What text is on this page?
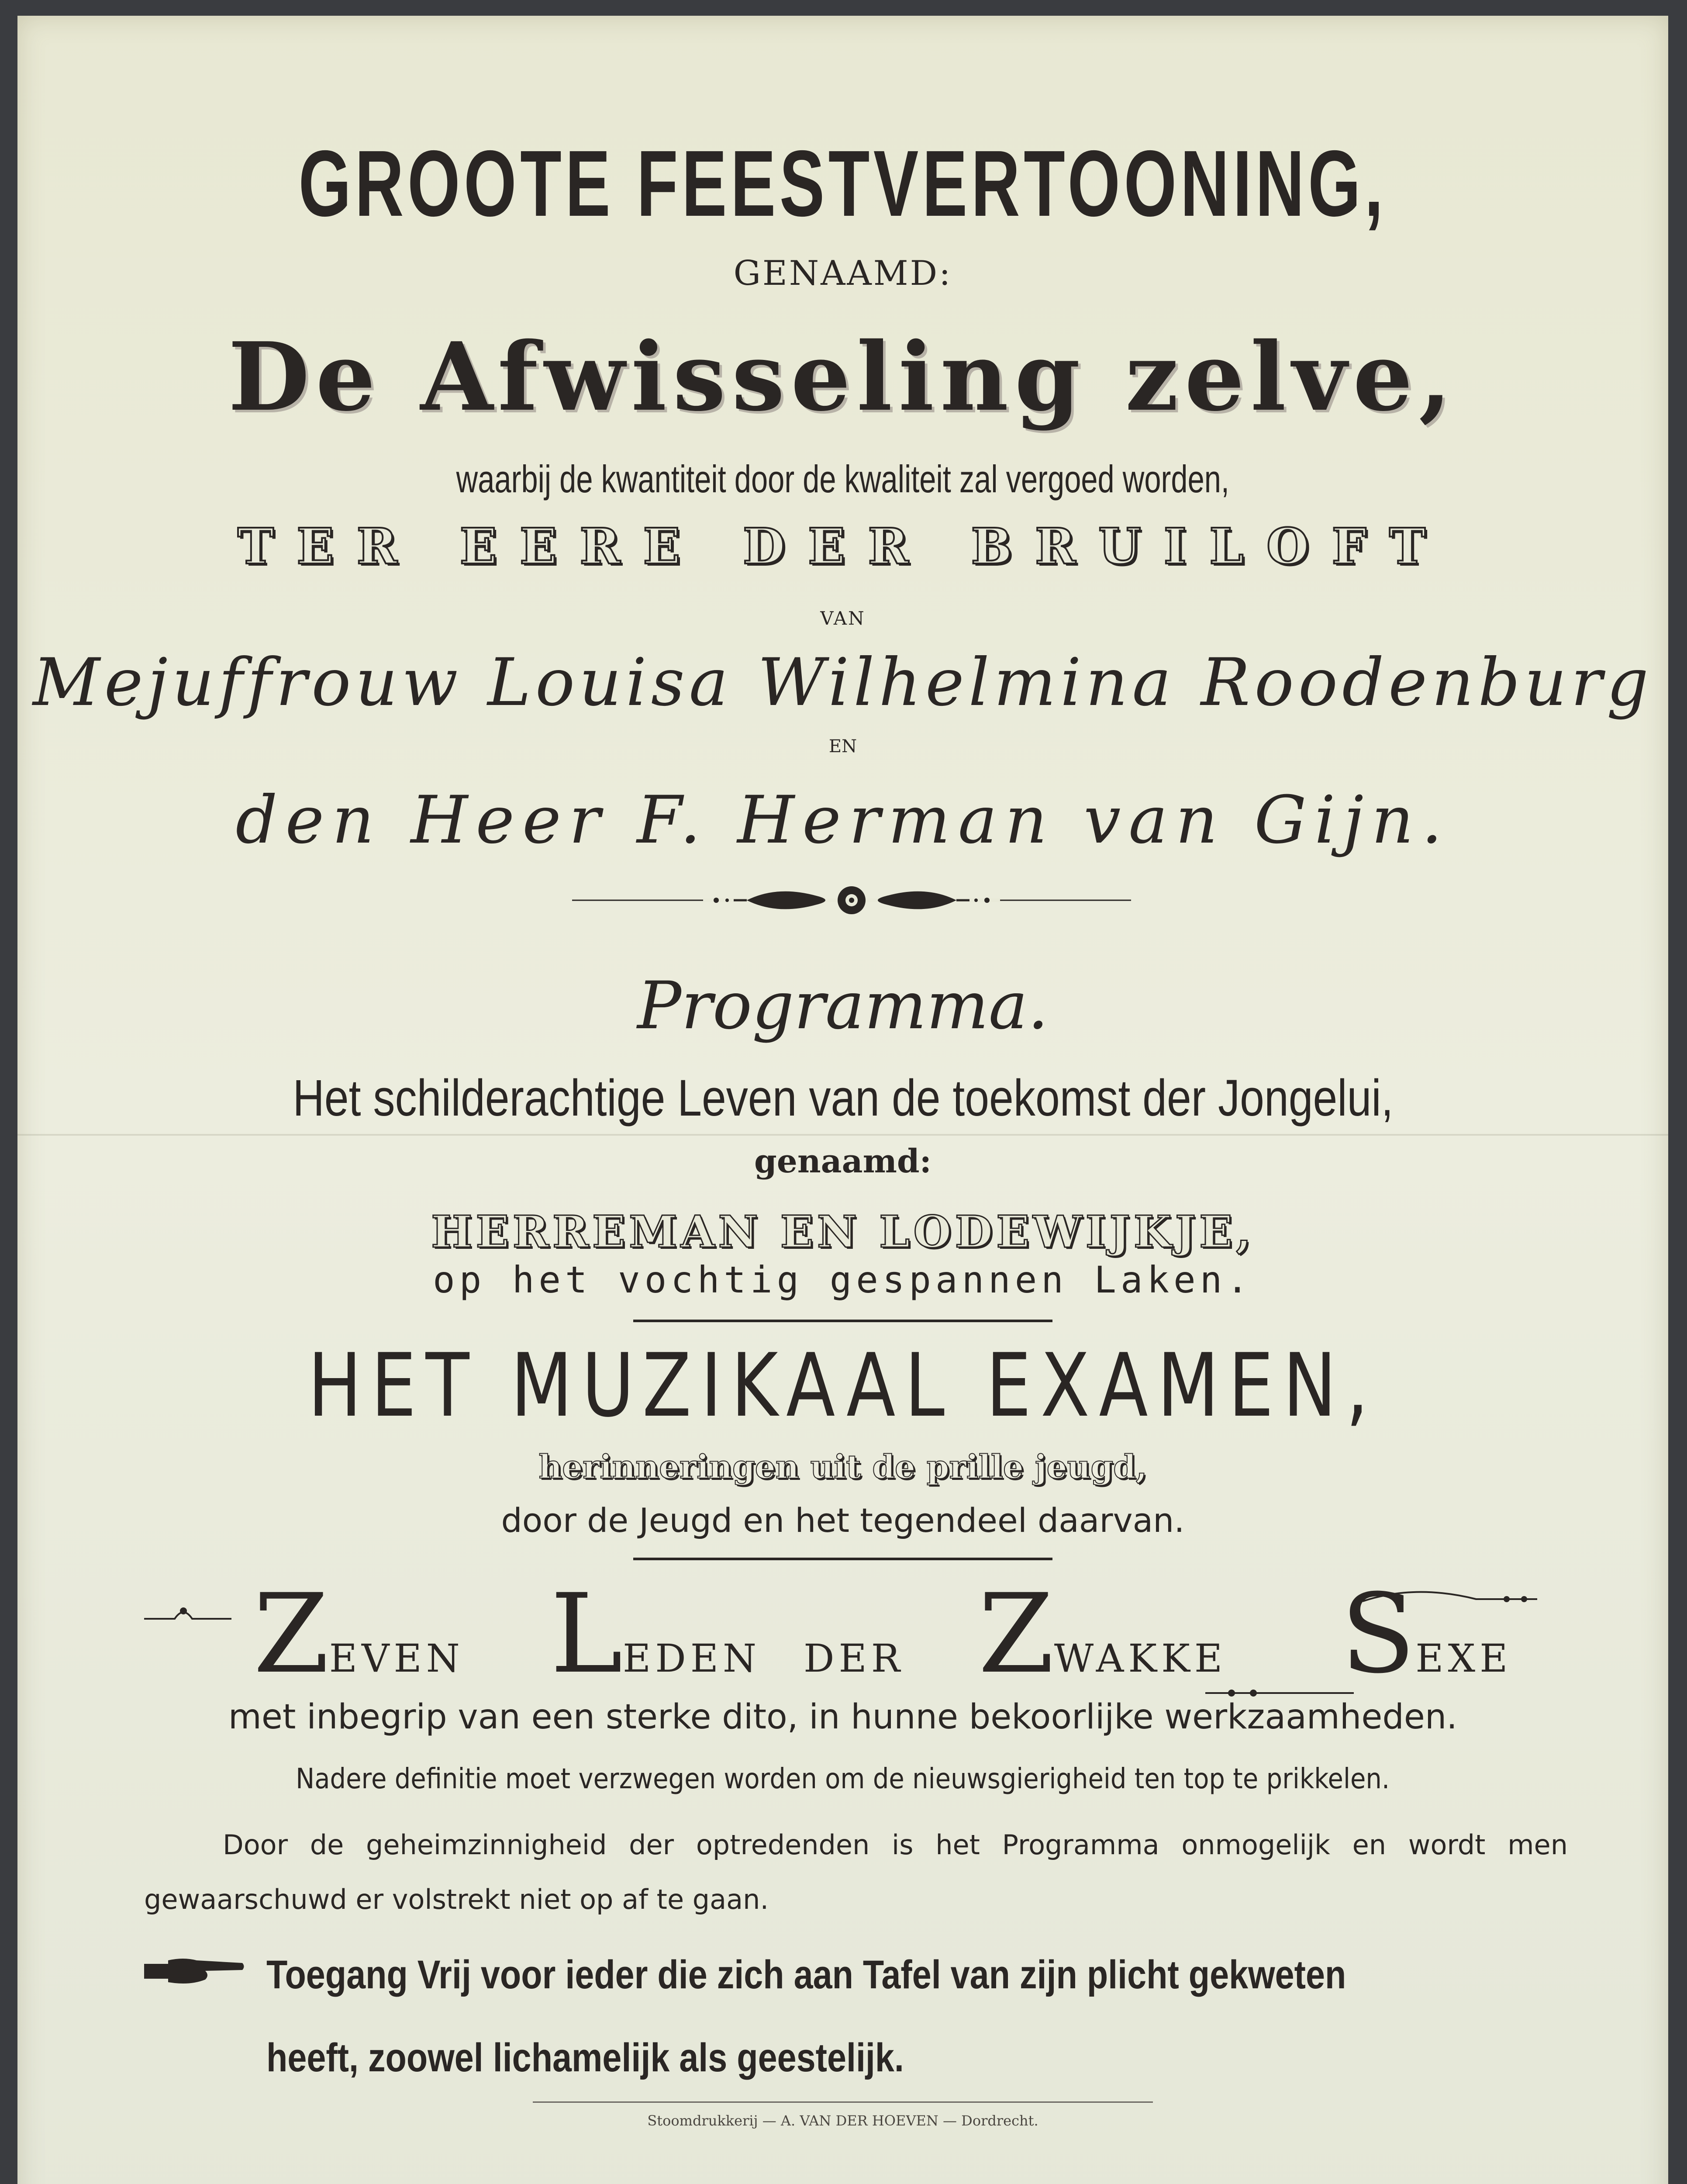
GROOTE FEESTVERTOONING,
GENAAMD:
De Afwisseling zelve,
waarbij de kwantiteit door de kwaliteit zal vergoed worden,
TER EERE DER BRUILOFT
VAN
Mejuffrouw Louisa Wilhelmina Roodenburg
EN
den Heer F. Herman van Gijn.
Programma.
Het schilderachtige Leven van de toekomst der Jongelui,
genaamd:
HERREMAN EN LODEWIJKJE,
op het vochtig gespannen Laken.
HET MUZIKAAL EXAMEN,
herinneringen uit de prille jeugd,
door de Jeugd en het tegendeel daarvan.
ZEVEN LEDEN DER ZWAKKE SEXE
met inbegrip van een sterke dito, in hunne bekoorlijke werkzaamheden.
Nadere definitie moet verzwegen worden om de nieuwsgierigheid ten top te prikkelen.
Door de geheimzinnigheid der optredenden is het Programma onmogelijk en wordt men gewaarschuwd er volstrekt niet op af te gaan.
Toegang Vrij voor ieder die zich aan Tafel van zijn plicht gekweten heeft, zoowel lichamelijk als geestelijk.
Stoomdrukkerij — A. VAN DER HOEVEN — Dordrecht.
